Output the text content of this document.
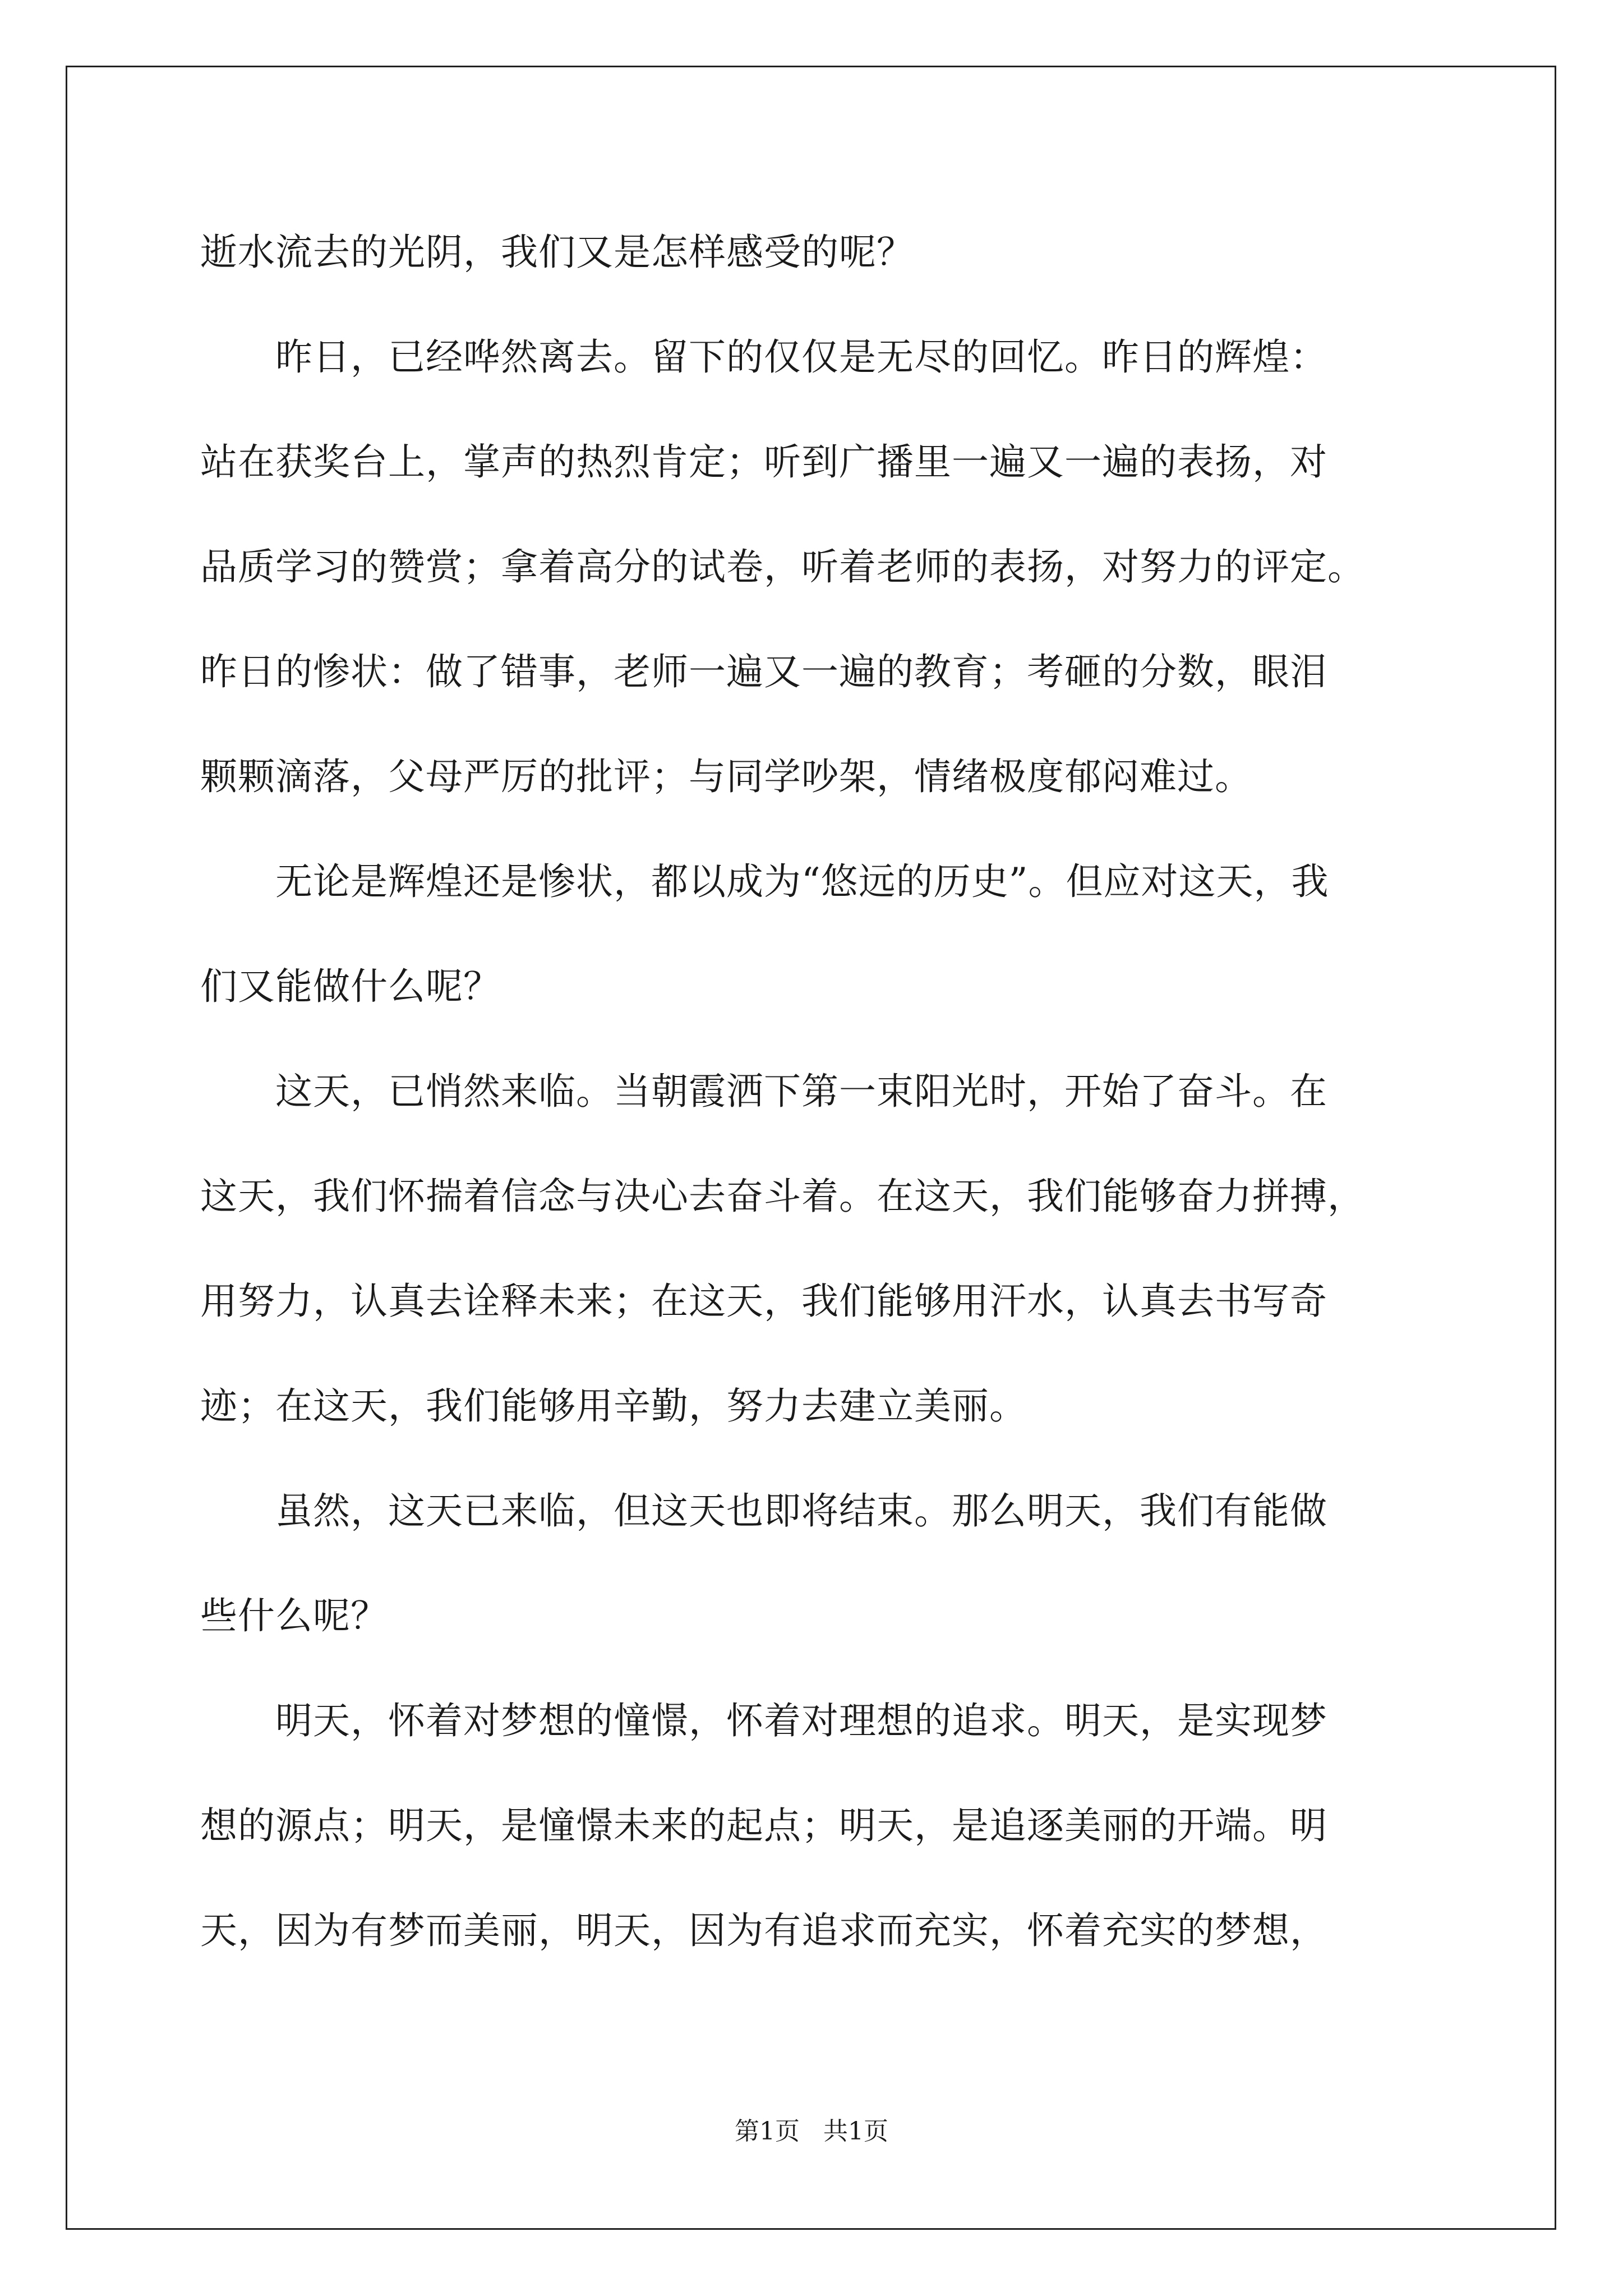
逝水流去的光阴，我们又是怎样感受的呢？
　　昨日，已经哗然离去。留下的仅仅是无尽的回忆。昨日的辉煌：
站在获奖台上，掌声的热烈肯定；听到广播里一遍又一遍的表扬，对
品质学习的赞赏；拿着高分的试卷，听着老师的表扬，对努力的评定。
昨日的惨状：做了错事，老师一遍又一遍的教育；考砸的分数，眼泪
颗颗滴落，父母严厉的批评；与同学吵架，情绪极度郁闷难过。
　　无论是辉煌还是惨状，都以成为“悠远的历史”。但应对这天，我
们又能做什么呢？
　　这天，已悄然来临。当朝霞洒下第一束阳光时，开始了奋斗。在
这天，我们怀揣着信念与决心去奋斗着。在这天，我们能够奋力拼搏，
用努力，认真去诠释未来；在这天，我们能够用汗水，认真去书写奇
迹；在这天，我们能够用辛勤，努力去建立美丽。
　　虽然，这天已来临，但这天也即将结束。那么明天，我们有能做
些什么呢？
　　明天，怀着对梦想的憧憬，怀着对理想的追求。明天，是实现梦
想的源点；明天，是憧憬未来的起点；明天，是追逐美丽的开端。明
天，因为有梦而美丽，明天，因为有追求而充实，怀着充实的梦想，
第1页   共1页
